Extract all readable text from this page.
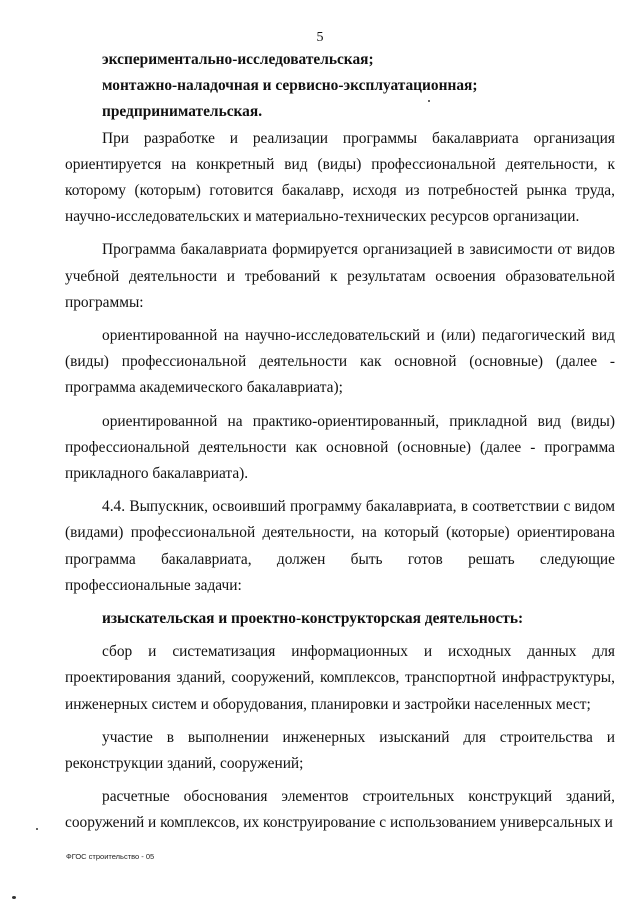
5

экспериментально-исследовательская;

монтажно-наладочная и сервисно-эксплуатационная;

предпринимательская.

При разработке и реализации программы бакалавриата организация ориентируется на конкретный вид (виды) профессиональной деятельности, к которому (которым) готовится бакалавр, исходя из потребностей рынка труда, научно-исследовательских и материально-технических ресурсов организации.

Программа бакалавриата формируется организацией в зависимости от видов учебной деятельности и требований к результатам освоения образовательной программы:

ориентированной на научно-исследовательский и (или) педагогический вид (виды) профессиональной деятельности как основной (основные) (далее - программа академического бакалавриата);

ориентированной на практико-ориентированный, прикладной вид (виды) профессиональной деятельности как основной (основные) (далее - программа прикладного бакалавриата).

4.4. Выпускник, освоивший программу бакалавриата, в соответствии с видом (видами) профессиональной деятельности, на который (которые) ориентирована программа бакалавриата, должен быть готов решать следующие профессиональные задачи:

изыскательская и проектно-конструкторская деятельность:

сбор и систематизация информационных и исходных данных для проектирования зданий, сооружений, комплексов, транспортной инфраструктуры, инженерных систем и оборудования, планировки и застройки населенных мест;

участие в выполнении инженерных изысканий для строительства и реконструкции зданий, сооружений;

расчетные обоснования элементов строительных конструкций зданий, сооружений и комплексов, их конструирование с использованием универсальных и

ФГОС строительство - 05
